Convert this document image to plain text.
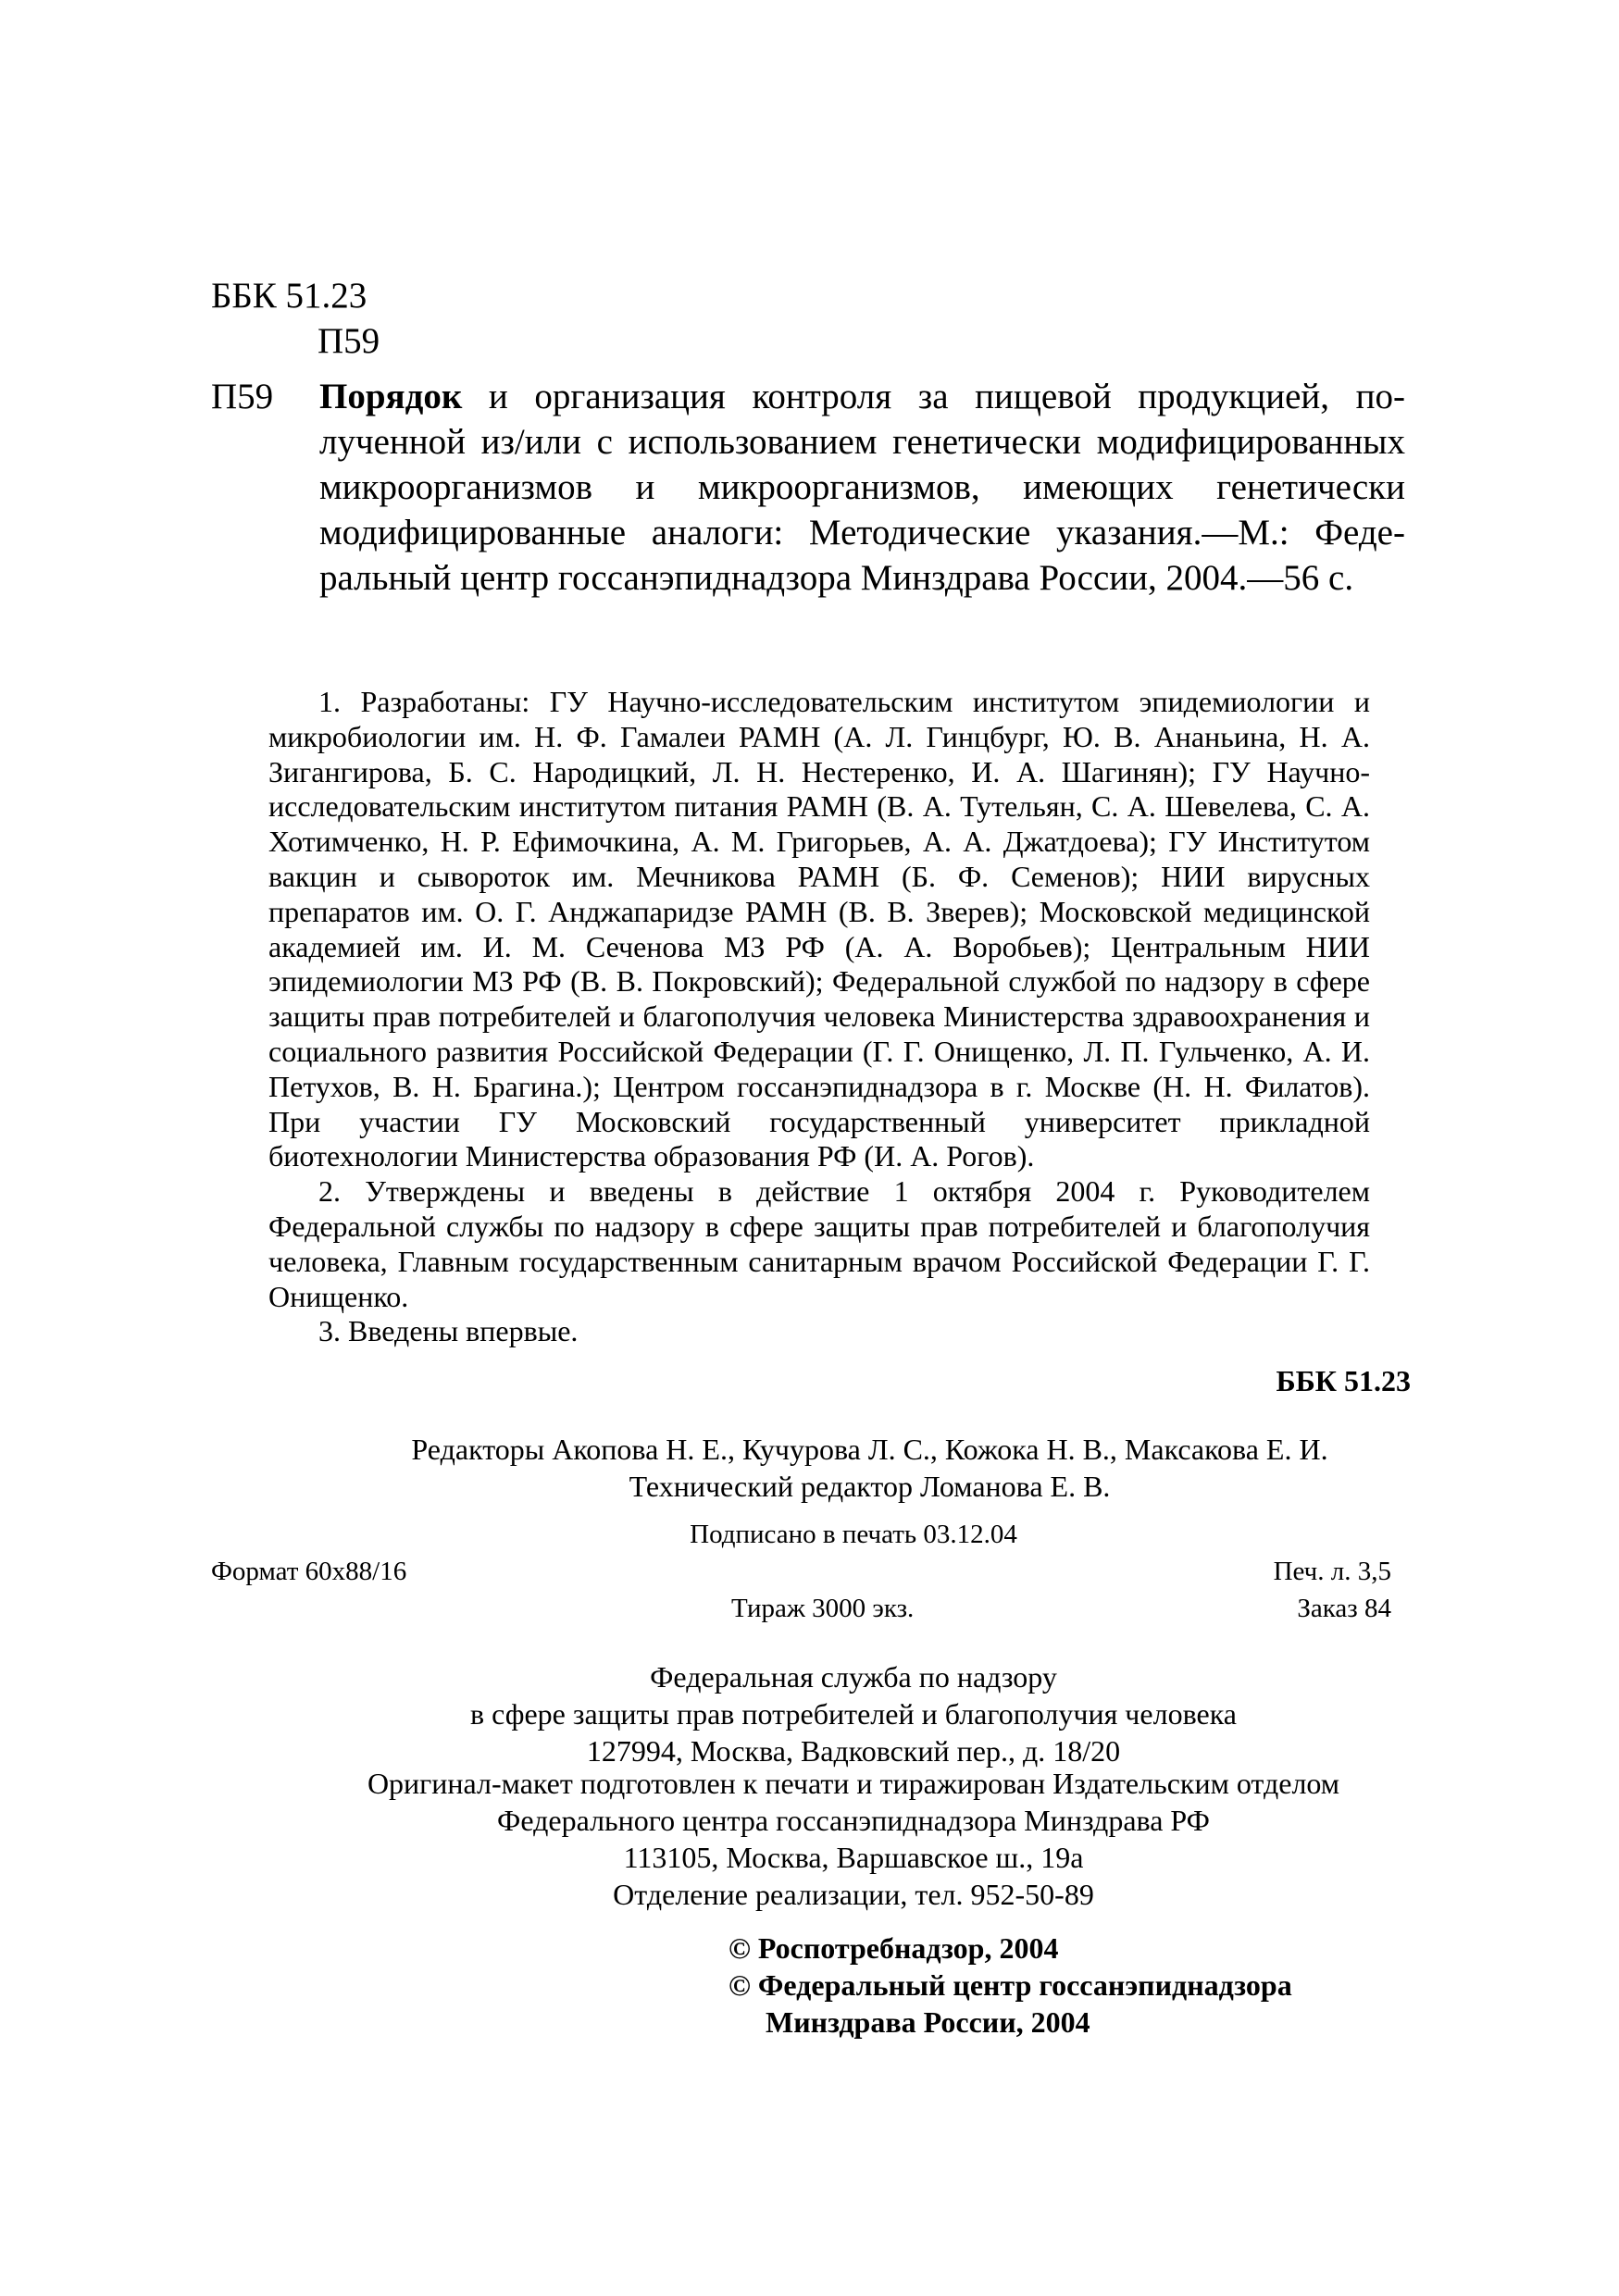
ББК 51.23
П59
П59 Порядок и организация контроля за пищевой продукцией, полученной из/или с использованием генетически модифицированных микроорганизмов и микроорганизмов, имеющих генетически модифицированные аналоги: Методические указания.—М.: Федеральный центр госсанэпиднадзора Минздрава России, 2004.—56 с.

1. Разработаны: ГУ Научно-исследовательским институтом эпидемиологии и микробиологии им. Н. Ф. Гамалеи РАМН (А. Л. Гинцбург, Ю. В. Ананьина, Н. А. Зигангирова, Б. С. Народицкий, Л. Н. Нестеренко, И. А. Шагинян); ГУ Научно-исследовательским институтом питания РАМН (В. А. Тутельян, С. А. Шевелева, С. А. Хотимченко, Н. Р. Ефимочкина, А. М. Григорьев, А. А. Джатдоева); ГУ Институтом вакцин и сывороток им. Мечникова РАМН (Б. Ф. Семенов); НИИ вирусных препаратов им. О. Г. Анджапаридзе РАМН (В. В. Зверев); Московской медицинской академией им. И. М. Сеченова МЗ РФ (А. А. Воробьев); Центральным НИИ эпидемиологии МЗ РФ (В. В. Покровский); Федеральной службой по надзору в сфере защиты прав потребителей и благополучия человека Министерства здравоохранения и социального развития Российской Федерации (Г. Г. Онищенко, Л. П. Гульченко, А. И. Петухов, В. Н. Брагина.); Центром госсанэпиднадзора в г. Москве (Н. Н. Филатов). При участии ГУ Московский государственный университет прикладной биотехнологии Министерства образования РФ (И. А. Рогов).

2. Утверждены и введены в действие 1 октября 2004 г. Руководителем Федеральной службы по надзору в сфере защиты прав потребителей и благополучия человека, Главным государственным санитарным врачом Российской Федерации Г. Г. Онищенко.

3. Введены впервые.

ББК 51.23
Редакторы Акопова Н. Е., Кучурова Л. С., Кожока Н. В., Максакова Е. И.
Технический редактор Ломанова Е. В.
Подписано в печать 03.12.04
Формат 60x88/16	Печ. л. 3,5
Тираж 3000 экз.	Заказ 84
Федеральная служба по надзору
в сфере защиты прав потребителей и благополучия человека
127994, Москва, Вадковский пер., д. 18/20
Оригинал-макет подготовлен к печати и тиражирован Издательским отделом
Федерального центра госсанэпиднадзора Минздрава РФ
113105, Москва, Варшавское ш., 19а
Отделение реализации, тел. 952-50-89
© Роспотребнадзор, 2004
© Федеральный центр госсанэпиднадзора
Минздрава России, 2004
